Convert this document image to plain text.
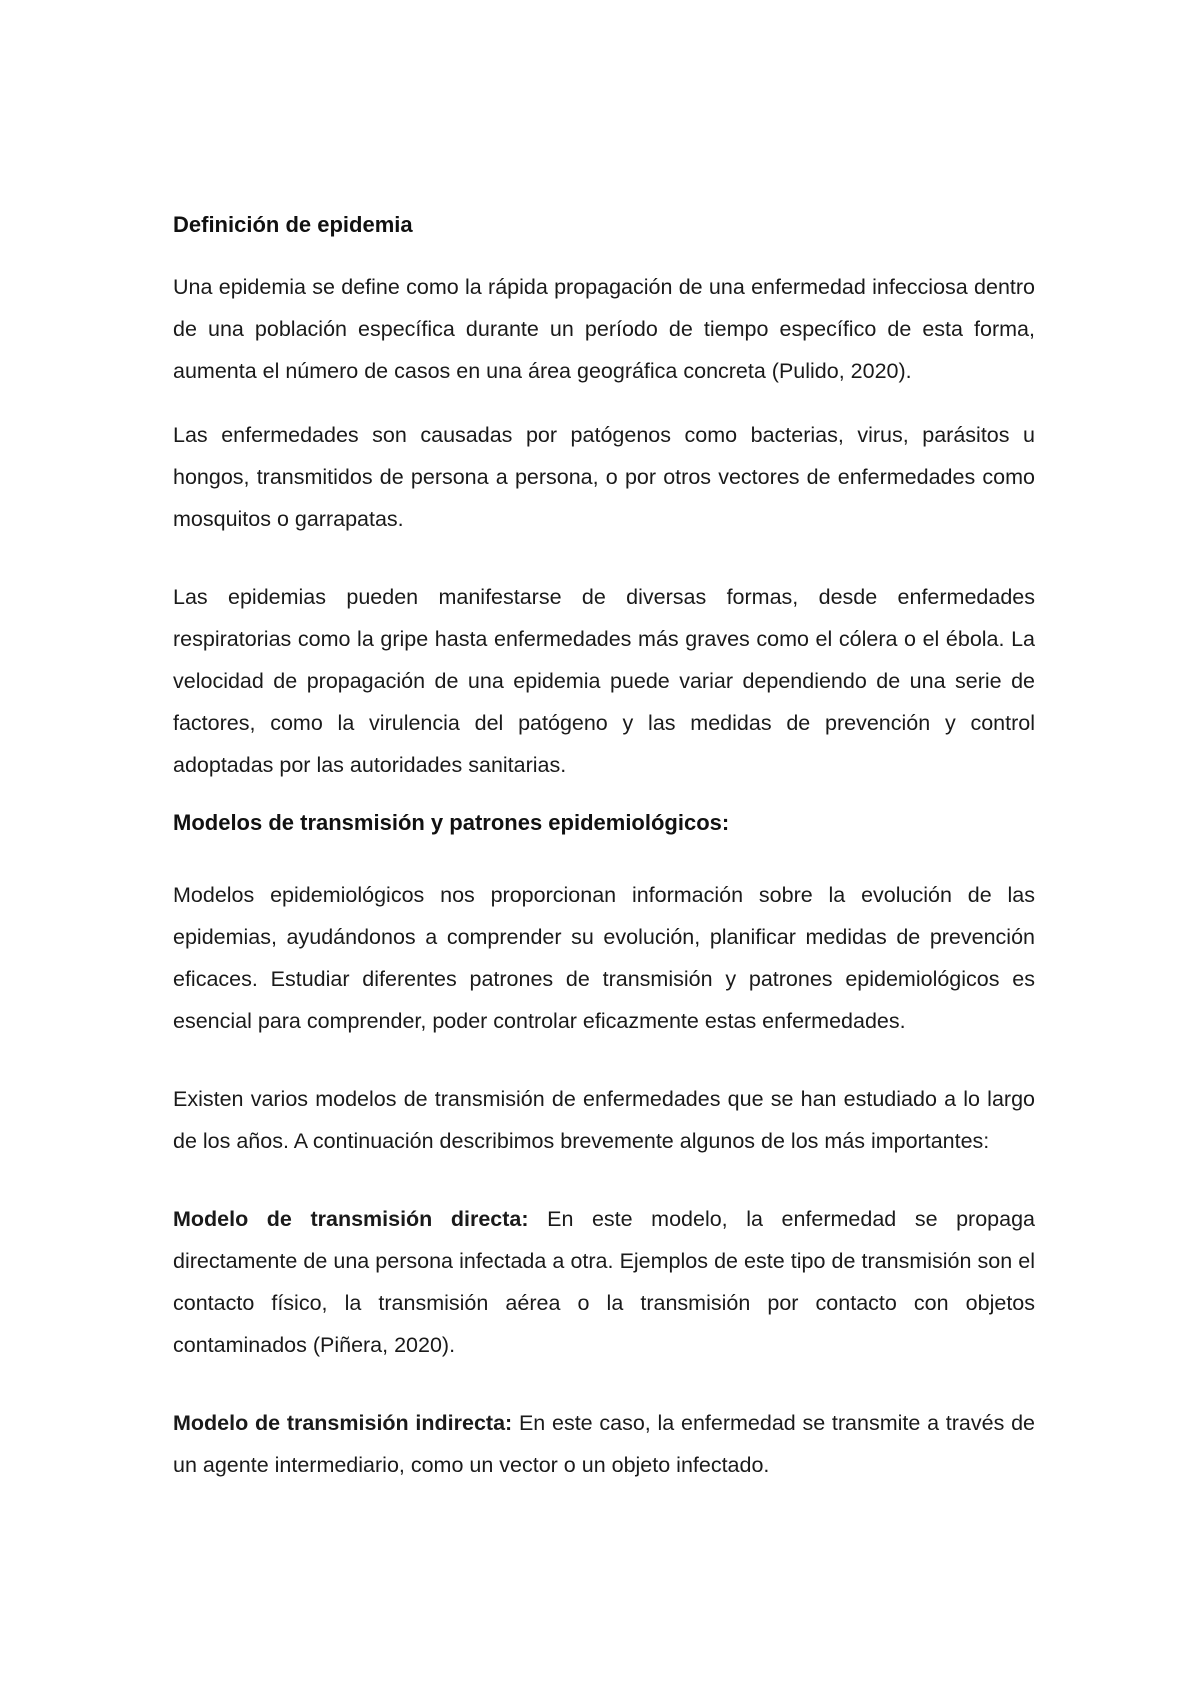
Definición de epidemia

Una epidemia se define como la rápida propagación de una enfermedad infecciosa dentro de una población específica durante un período de tiempo específico de esta forma, aumenta el número de casos en una área geográfica concreta (Pulido, 2020).

Las enfermedades son causadas por patógenos como bacterias, virus, parásitos u hongos, transmitidos de persona a persona, o por otros vectores de enfermedades como mosquitos o garrapatas.

Las epidemias pueden manifestarse de diversas formas, desde enfermedades respiratorias como la gripe hasta enfermedades más graves como el cólera o el ébola. La velocidad de propagación de una epidemia puede variar dependiendo de una serie de factores, como la virulencia del patógeno y las medidas de prevención y control adoptadas por las autoridades sanitarias.

Modelos de transmisión y patrones epidemiológicos:

Modelos epidemiológicos nos proporcionan información sobre la evolución de las epidemias, ayudándonos a comprender su evolución, planificar medidas de prevención eficaces. Estudiar diferentes patrones de transmisión y patrones epidemiológicos es esencial para comprender, poder controlar eficazmente estas enfermedades.

Existen varios modelos de transmisión de enfermedades que se han estudiado a lo largo de los años. A continuación describimos brevemente algunos de los más importantes:

Modelo de transmisión directa: En este modelo, la enfermedad se propaga directamente de una persona infectada a otra. Ejemplos de este tipo de transmisión son el contacto físico, la transmisión aérea o la transmisión por contacto con objetos contaminados (Piñera, 2020).

Modelo de transmisión indirecta: En este caso, la enfermedad se transmite a través de un agente intermediario, como un vector o un objeto infectado.
